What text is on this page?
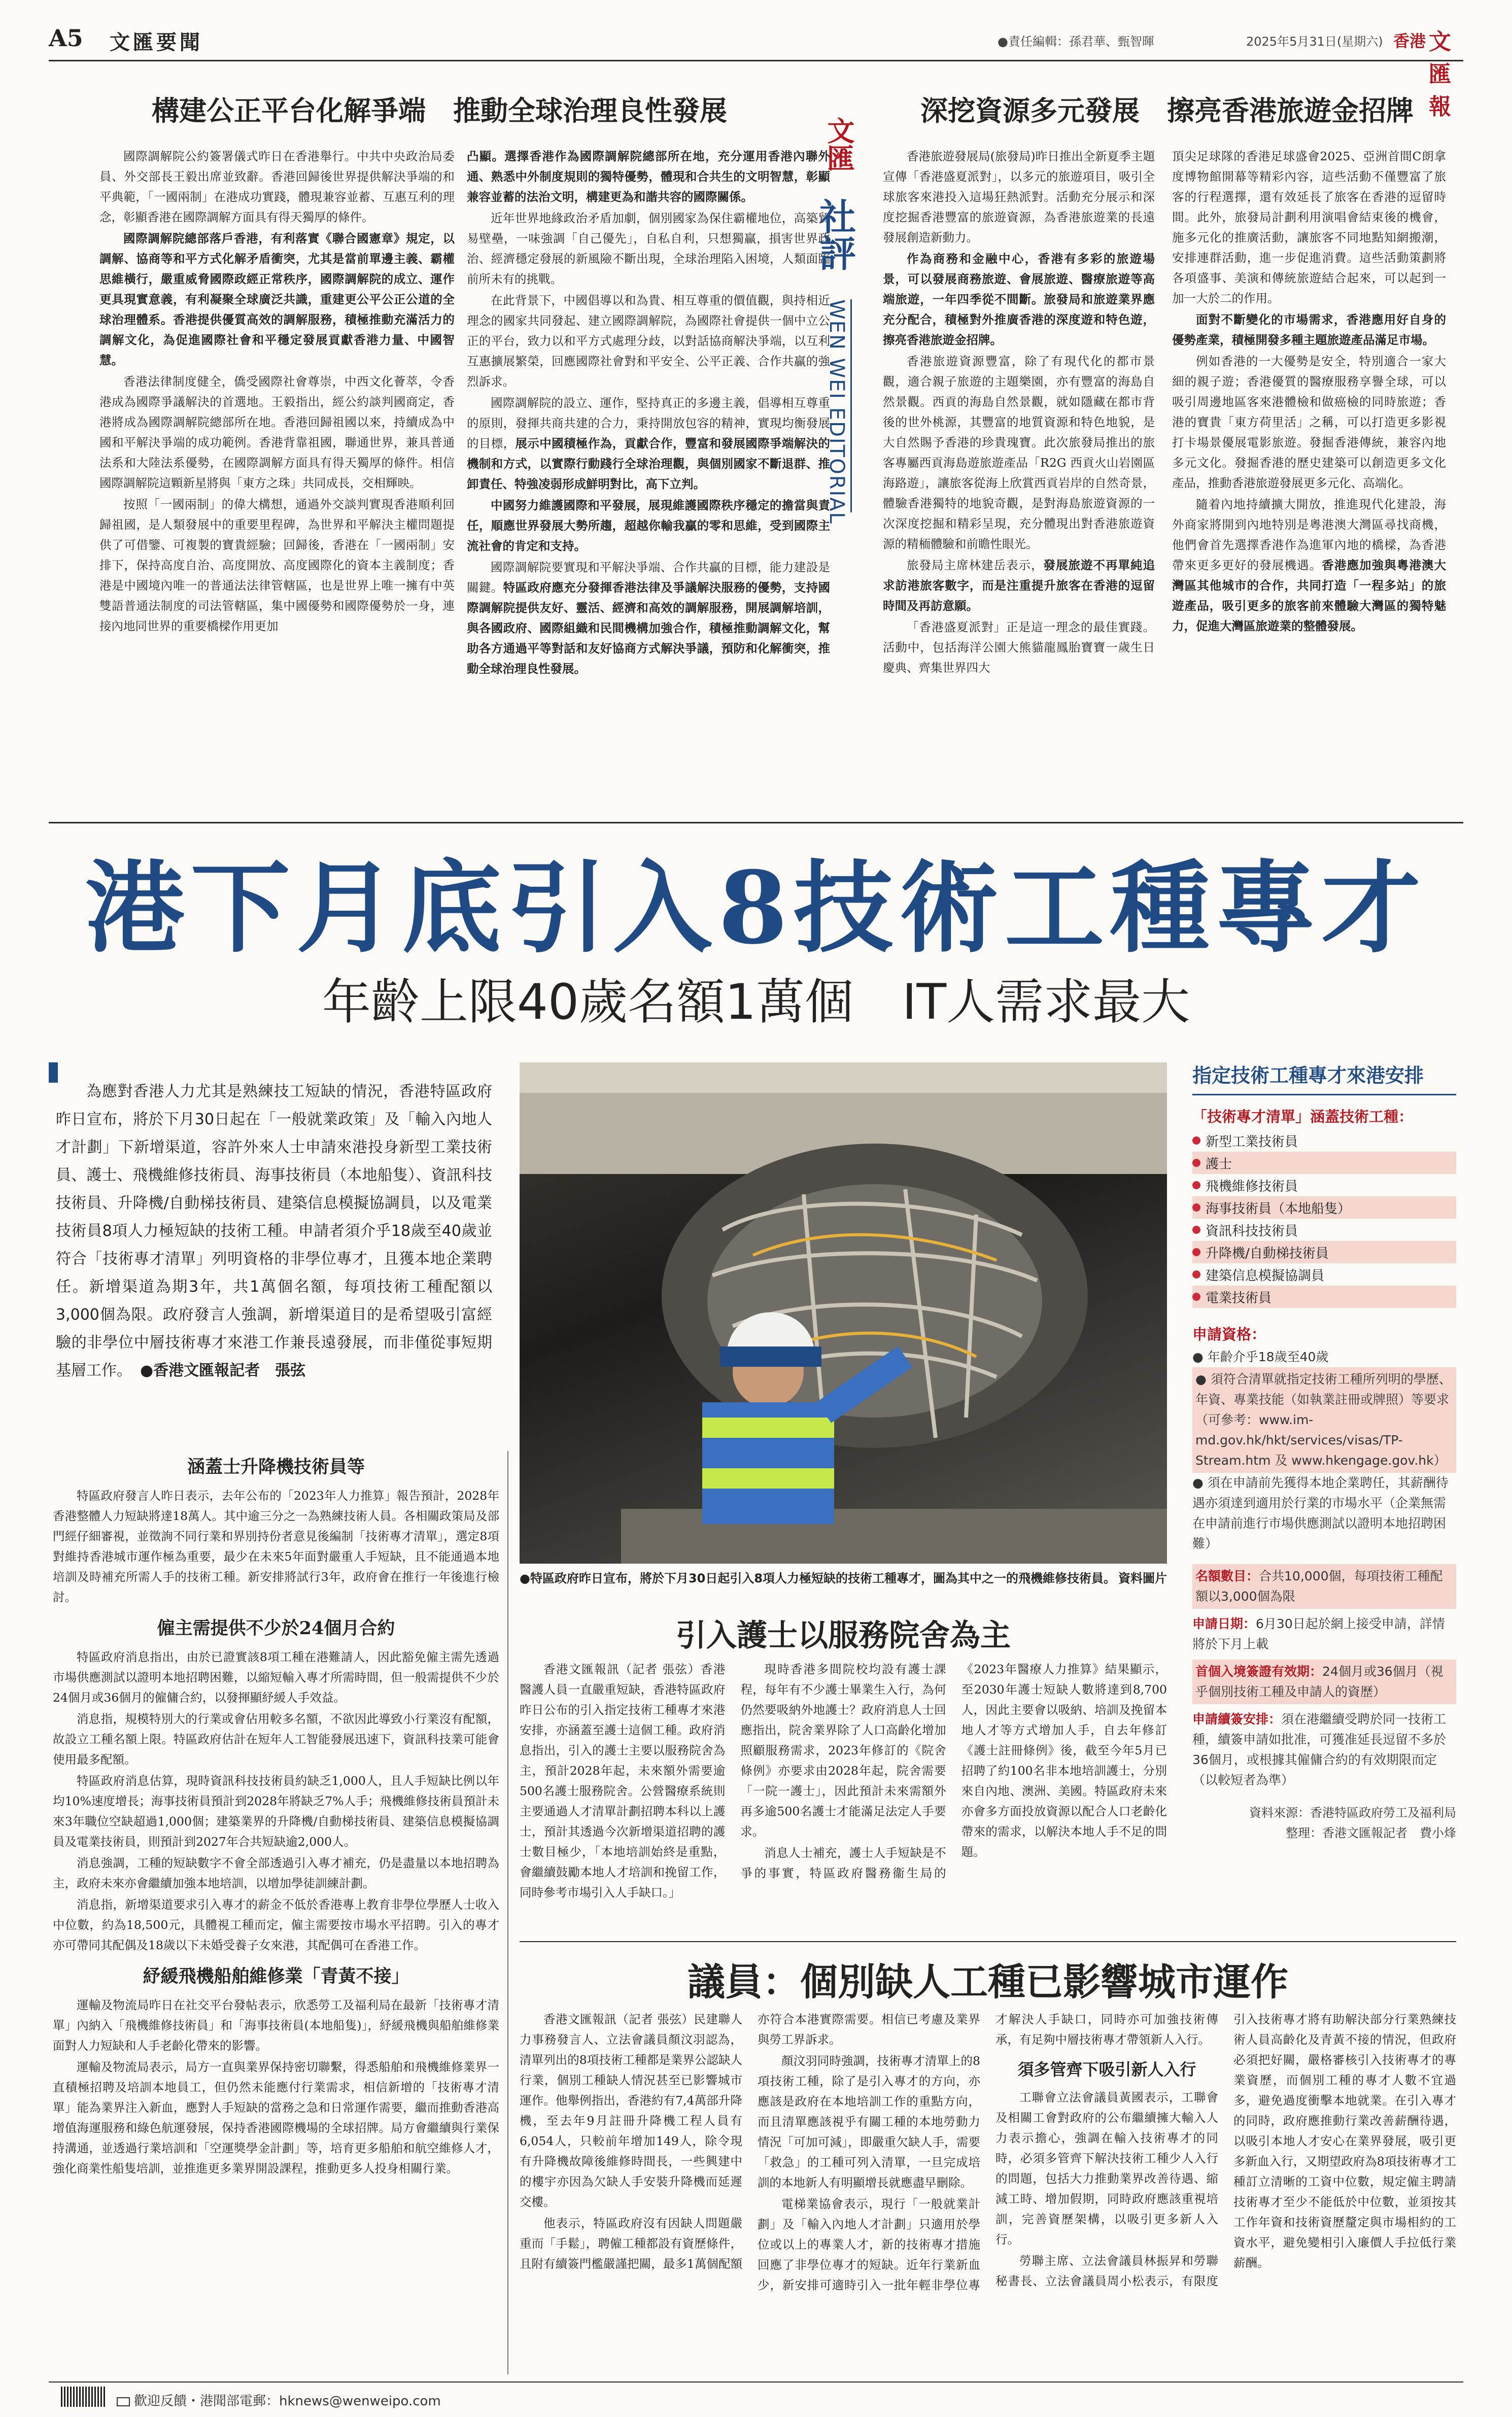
A5 文匯要聞	●責任編輯：孫君華、甄智暉	2025年5月31日(星期六) 香港 文匯報
構建公正平台化解爭端　推動全球治理良性發展	深挖資源多元發展　擦亮香港旅遊金招牌
國際調解院公約簽署儀式昨日在香港舉行。中共中央政治局委員、外交部長王毅出席並致辭。香港回歸後世界提供解決爭端的和平典範，「一國兩制」在港成功實踐，體現兼容並蓄、互惠互利的理念，彰顯香港在國際調解方面具有得天獨厚的條件。
國際調解院總部落戶香港，有利落實《聯合國憲章》規定，以調解、協商等和平方式化解矛盾衝突，尤其是當前單邊主義、霸權思維橫行，嚴重威脅國際政經正常秩序，國際調解院的成立、運作更具現實意義，有利凝聚全球廣泛共識，重建更公平公正公道的全球治理體系。香港提供優質高效的調解服務，積極推動充滿活力的調解文化，為促進國際社會和平穩定發展貢獻香港力量、中國智慧。
香港法律制度健全，僑受國際社會尊崇，中西文化薈萃，令香港成為國際爭議解決的首選地。王毅指出，經公約談判國商定，香港將成為國際調解院總部所在地。香港回歸祖國以來，持續成為中國和平解決爭端的成功範例。香港背靠祖國，聯通世界，兼具普通法系和大陸法系優勢，在國際調解方面具有得天獨厚的條件。相信國際調解院這顆新星將與「東方之珠」共同成長，交相輝映。
按照「一國兩制」的偉大構想，通過外交談判實現香港順利回歸祖國，是人類發展中的重要里程碑，為世界和平解決主權問題提供了可借鑒、可複製的寶貴經驗；回歸後，香港在「一國兩制」安排下，保持高度自治、高度開放、高度國際化的資本主義制度；香港是中國境內唯一的普通法法律管轄區，也是世界上唯一擁有中英雙語普通法制度的司法管轄區，集中國優勢和國際優勢於一身，連接內地同世界的重要橋樑作用更加
凸顯。選擇香港作為國際調解院總部所在地，充分運用香港內聯外通、熟悉中外制度規則的獨特優勢，體現和合共生的文明智慧，彰顯兼容並蓄的法治文明，構建更為和諧共容的國際關係。
近年世界地緣政治矛盾加劇，個別國家為保住霸權地位，高築貿易壁壘，一味強調「自己優先」，自私自利，只想獨贏，損害世界政治、經濟穩定發展的新風險不斷出現，全球治理陷入困境，人類面臨前所未有的挑戰。
在此背景下，中國倡導以和為貴、相互尊重的價值觀，與持相近理念的國家共同發起、建立國際調解院，為國際社會提供一個中立公正的平台，致力以和平方式處理分歧，以對話協商解決爭端，以互利互惠擴展繁榮，回應國際社會對和平安全、公平正義、合作共贏的強烈訴求。
國際調解院的設立、運作，堅持真正的多邊主義，倡導相互尊重的原則，發揮共商共建的合力，秉持開放包容的精神，實現均衡發展的目標，展示中國積極作為，貢獻合作，豐富和發展國際爭端解決的機制和方式，以實際行動踐行全球治理觀，與個別國家不斷退群、推卸責任、特強凌弱形成鮮明對比，高下立判。
中國努力維護國際和平發展，展現維護國際秩序穩定的擔當與責任，順應世界發展大勢所趨，超越你輸我贏的零和思維，受到國際主流社會的肯定和支持。
國際調解院要實現和平解決爭端、合作共贏的目標，能力建設是關鍵。特區政府應充分發揮香港法律及爭議解決服務的優勢，支持國際調解院提供友好、靈活、經濟和高效的調解服務，開展調解培訓，與各國政府、國際組織和民間機構加強合作，積極推動調解文化，幫助各方通過平等對話和友好協商方式解決爭議，預防和化解衝突，推動全球治理良性發展。
文匯
社評
WEN WEI EDITORIAL
香港旅遊發展局(旅發局)昨日推出全新夏季主題宣傳「香港盛夏派對」，以多元的旅遊項目，吸引全球旅客來港投入這場狂熱派對。活動充分展示和深度挖掘香港豐富的旅遊資源，為香港旅遊業的長遠發展創造新動力。
作為商務和金融中心，香港有多彩的旅遊場景，可以發展商務旅遊、會展旅遊、醫療旅遊等高端旅遊，一年四季從不間斷。旅發局和旅遊業界應充分配合，積極對外推廣香港的深度遊和特色遊，擦亮香港旅遊金招牌。
香港旅遊資源豐富，除了有現代化的都市景觀，適合親子旅遊的主題樂園，亦有豐富的海島自然景觀。西貢的海島自然景觀，就如隱藏在都市背後的世外桃源，其豐富的地質資源和特色地貌，是大自然賜予香港的珍貴瑰寶。此次旅發局推出的旅客專屬西貢海島遊旅遊產品「R2G 西貢火山岩園區海路遊」，讓旅客從海上欣賞西貢岩岸的自然奇景，體驗香港獨特的地貌奇觀，是對海島旅遊資源的一次深度挖掘和精彩呈現，充分體現出對香港旅遊資源的精栭體驗和前瞻性眼光。
旅發局主席林建岳表示，發展旅遊不再單純追求訪港旅客數字，而是注重提升旅客在香港的逗留時間及再訪意願。
「香港盛夏派對」正是這一理念的最佳實踐。活動中，包括海洋公園大熊貓龍鳳胎寶寶一歲生日慶典、齊集世界四大
頂尖足球隊的香港足球盛會2025、亞洲首間C朗拿度博物館開幕等精彩內容，這些活動不僅豐富了旅客的行程選擇，還有效延長了旅客在香港的逗留時間。此外，旅發局計劃利用演唱會結束後的機會，施多元化的推廣活動，讓旅客不同地點知網搬潮，安排連群活動，進一步促進消費。這些活動策劃將各項盛事、美演和傳統旅遊結合起來，可以起到一加一大於二的作用。
面對不斷變化的市場需求，香港應用好自身的優勢產業，積極開發多種主題旅遊產品滿足市場。
例如香港的一大優勢是安全，特別適合一家大細的親子遊；香港優質的醫療服務享譽全球，可以吸引周邊地區客來港體檢和做癌檢的同時旅遊；香港的寶貴「東方荷里活」之稱，可以打造更多影視打卡場景優展電影旅遊。發掘香港傳統，兼容內地多元文化。發掘香港的歷史建築可以創造更多文化產品，推動香港旅遊發展更多元化、高端化。
隨着內地持續擴大開放，推進現代化建設，海外商家將開到內地特別是粵港澳大灣區尋找商機，他們會首先選擇香港作為進軍內地的橋樑，為香港帶來更多更好的發展機遇。香港應加強與粵港澳大灣區其他城市的合作，共同打造「一程多站」的旅遊產品，吸引更多的旅客前來體驗大灣區的獨特魅力，促進大灣區旅遊業的整體發展。
港下月底引入8技術工種專才
年齡上限40歲名額1萬個　IT人需求最大
為應對香港人力尤其是熟練技工短缺的情況，香港特區政府昨日宣布，將於下月30日起在「一般就業政策」及「輸入內地人才計劃」下新增渠道，容許外來人士申請來港投身新型工業技術員、護士、飛機維修技術員、海事技術員（本地船隻）、資訊科技技術員、升降機/自動梯技術員、建築信息模擬協調員，以及電業技術員8項人力極短缺的技術工種。申請者須介乎18歲至40歲並符合「技術專才清單」列明資格的非學位專才，且獲本地企業聘任。新增渠道為期3年，共1萬個名額，每項技術工種配額以3,000個為限。政府發言人強調，新增渠道目的是希望吸引富經驗的非學位中層技術專才來港工作兼長遠發展，而非僅從事短期基層工作。 ●香港文匯報記者　張弦
●特區政府昨日宣布，將於下月30日起引入8項人力極短缺的技術工種專才，圖為其中之一的飛機維修技術員。 資料圖片
指定技術工種專才來港安排
「技術專才清單」涵蓋技術工種：
新型工業技術員
護士
飛機維修技術員
海事技術員（本地船隻）
資訊科技技術員
升降機/自動梯技術員
建築信息模擬協調員
電業技術員
申請資格：
● 年齡介乎18歲至40歲
● 須符合清單就指定技術工種所列明的學歷、年資、專業技能（如執業註冊或牌照）等要求（可參考：www.im-md.gov.hk/hkt/services/visas/TP-Stream.htm 及 www.hkengage.gov.hk）
● 須在申請前先獲得本地企業聘任，其薪酬待遇亦須達到適用於行業的市場水平（企業無需在申請前進行市場供應測試以證明本地招聘困難）
名額數目：合共10,000個，每項技術工種配額以3,000個為限
申請日期：6月30日起於網上接受申請，詳情將於下月上載
首個入境簽證有效期：24個月或36個月（視乎個別技術工種及申請人的資歷）
申請續簽安排：須在港繼續受聘於同一技術工種，續簽申請如批准，可獲准延長逗留不多於36個月，或根據其僱傭合約的有效期限而定（以較短者為準）
資料來源：香港特區政府勞工及福利局
整理：香港文匯報記者　費小烽
涵蓋士升降機技術員等
特區政府發言人昨日表示，去年公布的「2023年人力推算」報告預計，2028年香港整體人力短缺將達18萬人。其中逾三分之一為熟練技術人員。各相關政策局及部門經仔細審視，並徵詢不同行業和界別持份者意見後編制「技術專才清單」，選定8項對維持香港城市運作極為重要，最少在未來5年面對嚴重人手短缺，且不能通過本地培訓及時補充所需人手的技術工種。新安排將試行3年，政府會在推行一年後進行檢討。
僱主需提供不少於24個月合約
特區政府消息指出，由於已證實該8項工種在港難請人，因此豁免僱主需先透過市場供應測試以證明本地招聘困難，以縮短輸入專才所需時間，但一般需提供不少於24個月或36個月的僱傭合約，以發揮顯紓緩人手效益。
消息指，規模特別大的行業或會佔用較多名額，不欲因此導致小行業沒有配額，故設立工種名額上限。特區政府估計在短年人工智能發展迅速下，資訊科技業可能會使用最多配額。
特區政府消息估算，現時資訊科技技術員約缺乏1,000人，且人手短缺比例以年均10%速度增長；海事技術員預計到2028年將缺乏7%人手；飛機維修技術員預計未來3年職位空缺超過1,000個；建築業界的升降機/自動梯技術員、建築信息模擬協調員及電業技術員，則預計到2027年合共短缺逾2,000人。
消息強調，工種的短缺數字不會全部透過引入專才補充，仍是盡量以本地招聘為主，政府未來亦會繼續加強本地培訓，以增加學徒訓練計劃。
消息指，新增渠道要求引入專才的薪金不低於香港專上教育非學位學歷人士收入中位數，約為18,500元，具體視工種而定，僱主需要按市場水平招聘。引入的專才亦可帶同其配偶及18歲以下未婚受養子女來港，其配偶可在香港工作。
紓緩飛機船舶維修業「青黃不接」
運輸及物流局昨日在社交平台發帖表示，欣悉勞工及福利局在最新「技術專才清單」內納入「飛機維修技術員」和「海事技術員(本地船隻)」，紓緩飛機與船舶維修業面對人力短缺和人手老齡化帶來的影響。
運輸及物流局表示，局方一直與業界保持密切聯繫，得悉船舶和飛機維修業界一直積極招聘及培訓本地員工，但仍然未能應付行業需求，相信新增的「技術專才清單」能為業界注入新血，應對人手短缺的當務之急和日常運作需要，繼而推動香港高增值海運服務和綠色航運發展，保持香港國際機場的全球招牌。局方會繼續與行業保持溝通，並透過行業培訓和「空運獎學金計劃」等，培育更多船舶和航空維修人才，強化商業性船隻培訓，並推進更多業界開設課程，推動更多人投身相關行業。
引入護士以服務院舍為主
香港文匯報訊（記者 張弦）香港醫護人員一直嚴重短缺，香港特區政府昨日公布的引入指定技術工種專才來港安排，亦涵蓋至護士這個工種。政府消息指出，引入的護士主要以服務院舍為主，預計2028年起，未來額外需要逾500名護士服務院舍。公營醫療系統則主要通過人才清單計劃招聘本科以上護士，預計其透過今次新增渠道招聘的護士數目極少，「本地培訓始終是重點，會繼續鼓勵本地人才培訓和挽留工作，同時參考市場引入人手缺口。」
現時香港多間院校均設有護士課程，每年有不少護士畢業生入行，為何仍然要吸納外地護士？政府消息人士回應指出，院舍業界除了人口高齡化增加照顧服務需求，2023年修訂的《院舍條例》亦要求由2028年起，院舍需要「一院一護士」，因此預計未來需額外再多逾500名護士才能滿足法定人手要求。
消息人士補充，護士人手短缺是不爭的事實，特區政府醫務衞生局的《2023年醫療人力推算》結果顯示，至2030年護士短缺人數將達到8,700人，因此主要會以吸納、培訓及挽留本地人才等方式增加人手，自去年修訂《護士註冊條例》後，截至今年5月已招聘了約100名非本地培訓護士，分別來自內地、澳洲、美國。特區政府未來亦會多方面投放資源以配合人口老齡化帶來的需求，以解決本地人手不足的問題。
議員：個別缺人工種已影響城市運作
香港文匯報訊（記者 張弦）民建聯人力事務發言人、立法會議員顏汶羽認為，清單列出的8項技術工種都是業界公認缺人行業，個別工種缺人情況甚至已影響城市運作。他舉例指出，香港約有7,4萬部升降機，至去年9月註冊升降機工程人員有6,054人，只較前年增加149人，除令現有升降機故障後維修時間長，一些興建中的樓宇亦因為欠缺人手安裝升降機而延遲交樓。
他表示，特區政府沒有因缺人問題嚴重而「手鬆」，聘僱工種都設有資歷條件，且附有續簽門檻嚴謹把關，最多1萬個配額亦符合本港實際需要。相信已考慮及業界與勞工界訴求。
顏汶羽同時強調，技術專才清單上的8項技術工種，除了是引入專才的方向，亦應該是政府在本地培訓工作的重點方向，而且清單應該視乎有關工種的本地勞動力情況「可加可減」，即嚴重欠缺人手，需要「救急」的工種可列入清單，一旦完成培訓的本地新人有明顯增長就應盡早刪除。
電梯業協會表示，現行「一般就業計劃」及「輸入內地人才計劃」只適用於學位或以上的專業人才，新的技術專才措施回應了非學位專才的短缺。近年行業新血少，新安排可適時引入一批年輕非學位專才解決人手缺口，同時亦可加強技術傳承，有足夠中層技術專才帶領新人入行。
須多管齊下吸引新人入行
工聯會立法會議員黃國表示，工聯會及相關工會對政府的公布繼續擁大輸入人力表示擔心，強調在輸入技術專才的同時，必須多管齊下解決技術工種少人入行的問題，包括大力推動業界改善待遇、縮減工時、增加假期，同時政府應該重視培訓，完善資歷架構，以吸引更多新人入行。
勞聯主席、立法會議員林振昇和勞聯秘書長、立法會議員周小松表示，有限度引入技術專才將有助解決部分行業熟練技術人員高齡化及青黃不接的情況，但政府必須把好關，嚴格審核引入技術專才的專業資歷，而個別工種的專才人數不宜過多，避免過度衝擊本地就業。在引入專才的同時，政府應推動行業改善薪酬待遇，以吸引本地人才安心在業界發展，吸引更多新血入行，又期望政府為8項技術專才工種訂立清晰的工資中位數，規定僱主聘請技術專才至少不能低於中位數，並須按其工作年資和技術資歷釐定與市場相約的工資水平，避免變相引入廉價人手拉低行業薪酬。
歡迎反饋・港聞部電郵：hknews@wenweipo.com
